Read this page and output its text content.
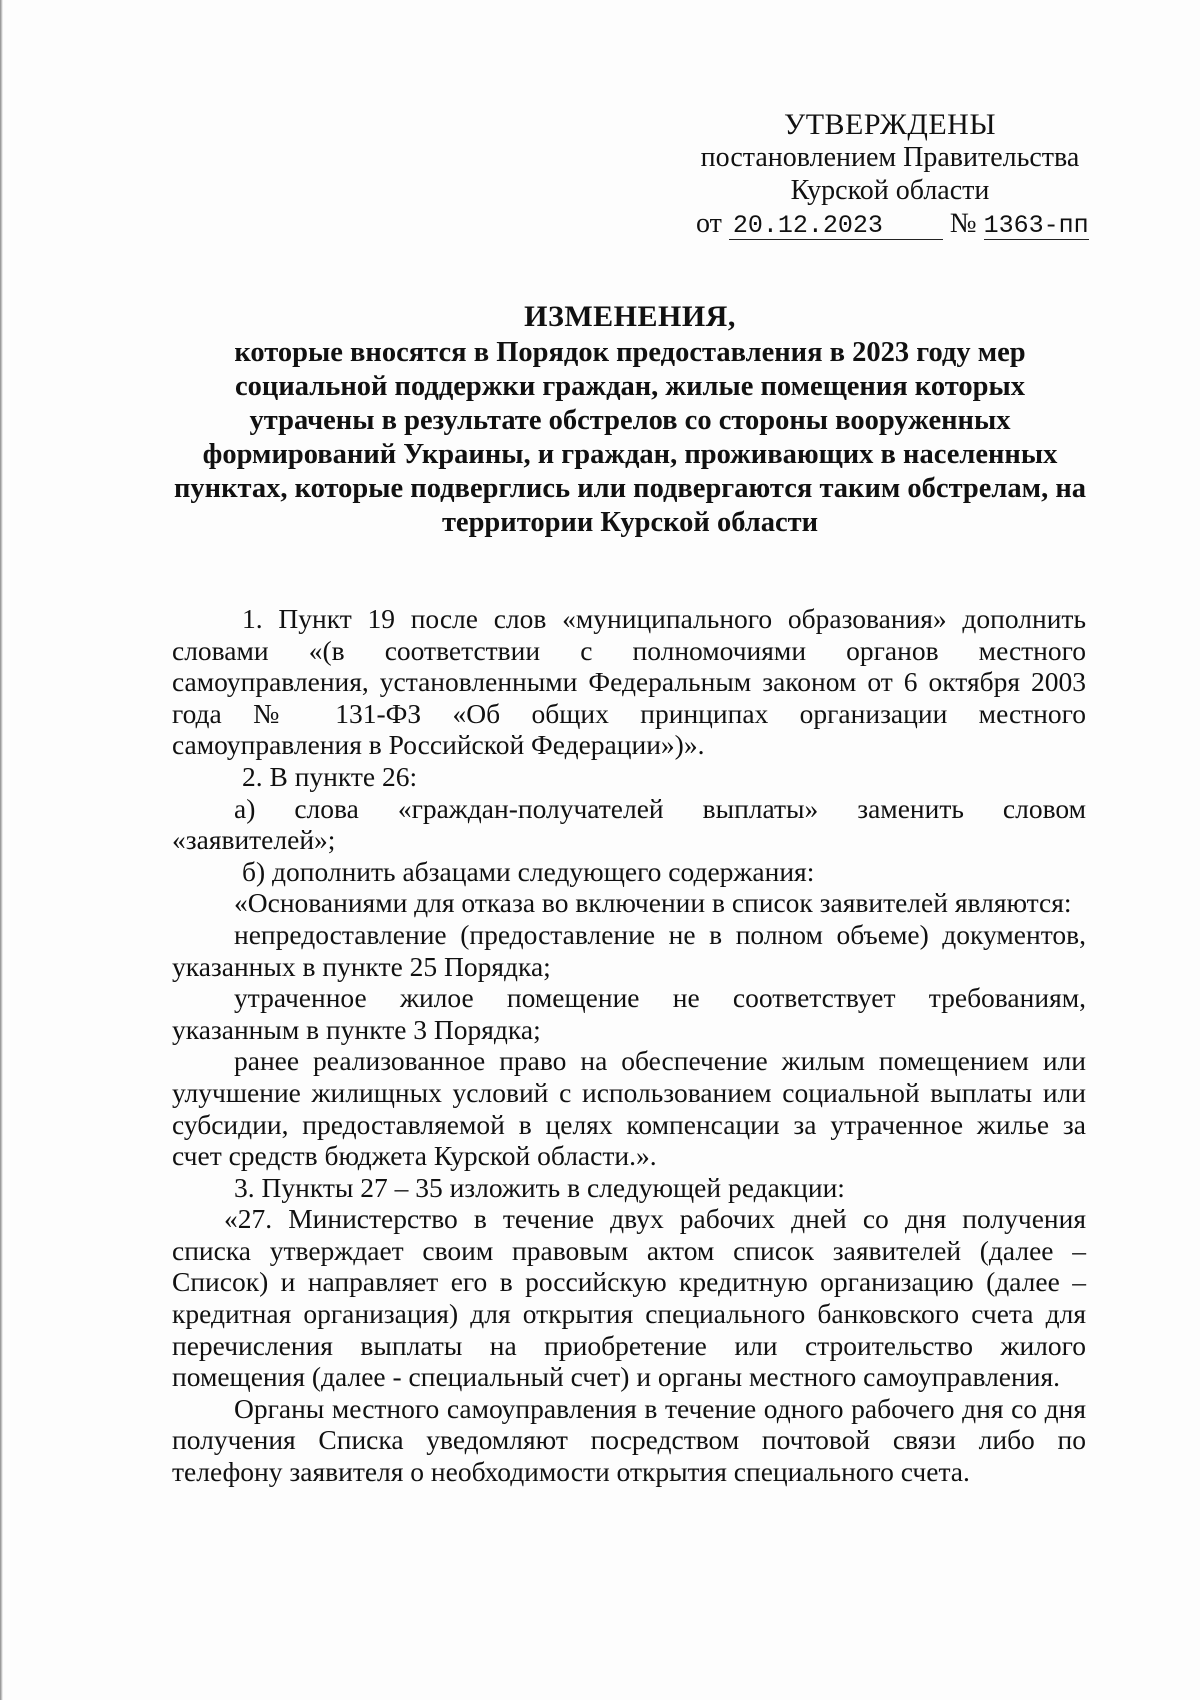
УТВЕРЖДЕНЫ
постановлением Правительства
Курской области
от 20.12.2023 № 1363-пп
ИЗМЕНЕНИЯ,
которые вносятся в Порядок предоставления в 2023 году мер
социальной поддержки граждан, жилые помещения которых
утрачены в результате обстрелов со стороны вооруженных
формирований Украины, и граждан, проживающих в населенных
пунктах, которые подверглись или подвергаются таким обстрелам, на
территории Курской области

1. Пункт 19 после слов «муниципального образования» дополнить словами «(в соответствии с полномочиями органов местного самоуправления, установленными Федеральным законом от 6 октября 2003 года № 131-ФЗ «Об общих принципах организации местного самоуправления в Российской Федерации»)».

2. В пункте 26:

а) слова «граждан-получателей выплаты» заменить словом «заявителей»;

б) дополнить абзацами следующего содержания:

«Основаниями для отказа во включении в список заявителей являются:

непредоставление (предоставление не в полном объеме) документов, указанных в пункте 25 Порядка;

утраченное жилое помещение не соответствует требованиям, указанным в пункте 3 Порядка;

ранее реализованное право на обеспечение жилым помещением или улучшение жилищных условий с использованием социальной выплаты или субсидии, предоставляемой в целях компенсации за утраченное жилье за счет средств бюджета Курской области.».

3. Пункты 27 – 35 изложить в следующей редакции:

«27. Министерство в течение двух рабочих дней со дня получения списка утверждает своим правовым актом список заявителей (далее – Список) и направляет его в российскую кредитную организацию (далее – кредитная организация) для открытия специального банковского счета для перечисления выплаты на приобретение или строительство жилого помещения (далее - специальный счет) и органы местного самоуправления.

Органы местного самоуправления в течение одного рабочего дня со дня получения Списка уведомляют посредством почтовой связи либо по телефону заявителя о необходимости открытия специального счета.
